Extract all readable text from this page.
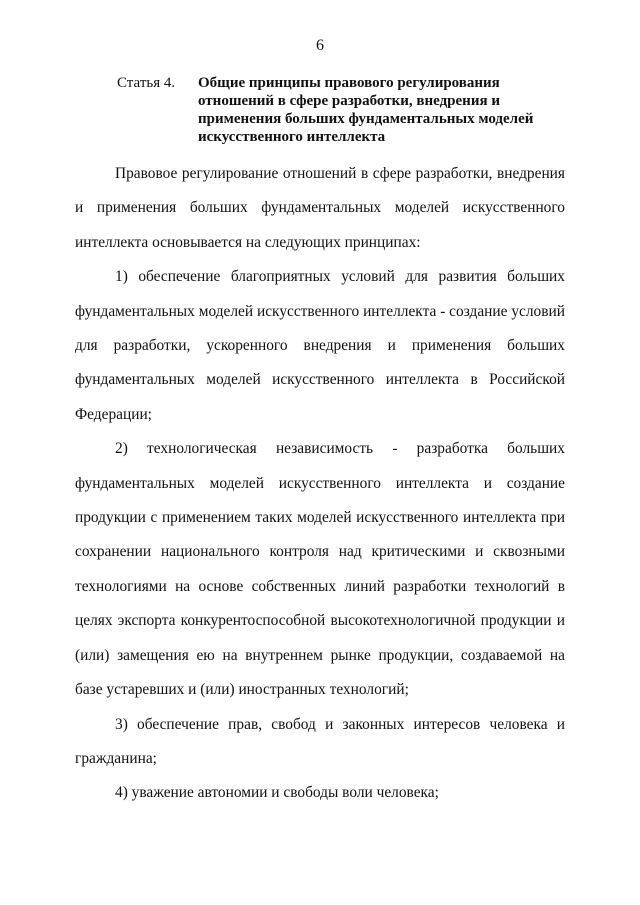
6
Статья 4. Общие принципы правового регулирования отношений в сфере разработки, внедрения и применения больших фундаментальных моделей искусственного интеллекта

Правовое регулирование отношений в сфере разработки, внедрения и применения больших фундаментальных моделей искусственного интеллекта основывается на следующих принципах:

1) обеспечение благоприятных условий для развития больших фундаментальных моделей искусственного интеллекта - создание условий для разработки, ускоренного внедрения и применения больших фундаментальных моделей искусственного интеллекта в Российской Федерации;

2) технологическая независимость - разработка больших фундаментальных моделей искусственного интеллекта и создание продукции с применением таких моделей искусственного интеллекта при сохранении национального контроля над критическими и сквозными технологиями на основе собственных линий разработки технологий в целях экспорта конкурентоспособной высокотехнологичной продукции и (или) замещения ею на внутреннем рынке продукции, создаваемой на базе устаревших и (или) иностранных технологий;

3) обеспечение прав, свобод и законных интересов человека и гражданина;

4) уважение автономии и свободы воли человека;
